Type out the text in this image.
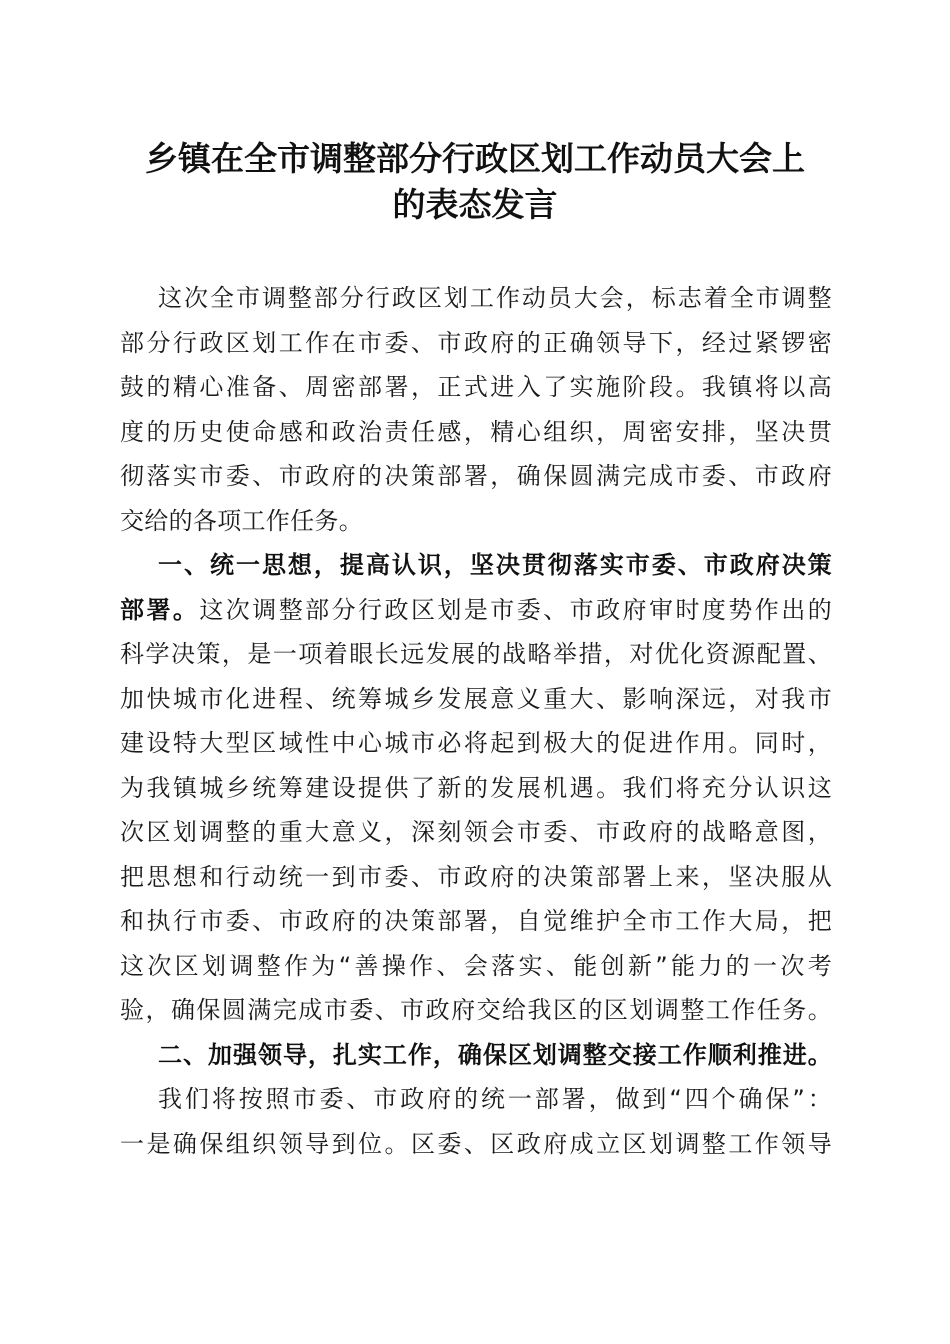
乡镇在全市调整部分行政区划工作动员大会上
的表态发言
这次全市调整部分行政区划工作动员大会，标志着全市调整
部分行政区划工作在市委、市政府的正确领导下，经过紧锣密
鼓的精心准备、周密部署，正式进入了实施阶段。我镇将以高
度的历史使命感和政治责任感，精心组织，周密安排，坚决贯
彻落实市委、市政府的决策部署，确保圆满完成市委、市政府
交给的各项工作任务。
一、统一思想，提高认识，坚决贯彻落实市委、市政府决策
部署。这次调整部分行政区划是市委、市政府审时度势作出的
科学决策，是一项着眼长远发展的战略举措，对优化资源配置、
加快城市化进程、统筹城乡发展意义重大、影响深远，对我市
建设特大型区域性中心城市必将起到极大的促进作用。同时，
为我镇城乡统筹建设提供了新的发展机遇。我们将充分认识这
次区划调整的重大意义，深刻领会市委、市政府的战略意图，
把思想和行动统一到市委、市政府的决策部署上来，坚决服从
和执行市委、市政府的决策部署，自觉维护全市工作大局，把
这次区划调整作为“善操作、会落实、能创新”能力的一次考
验，确保圆满完成市委、市政府交给我区的区划调整工作任务。
二、加强领导，扎实工作，确保区划调整交接工作顺利推进。
我们将按照市委、市政府的统一部署，做到“四个确保”：
一是确保组织领导到位。区委、区政府成立区划调整工作领导
